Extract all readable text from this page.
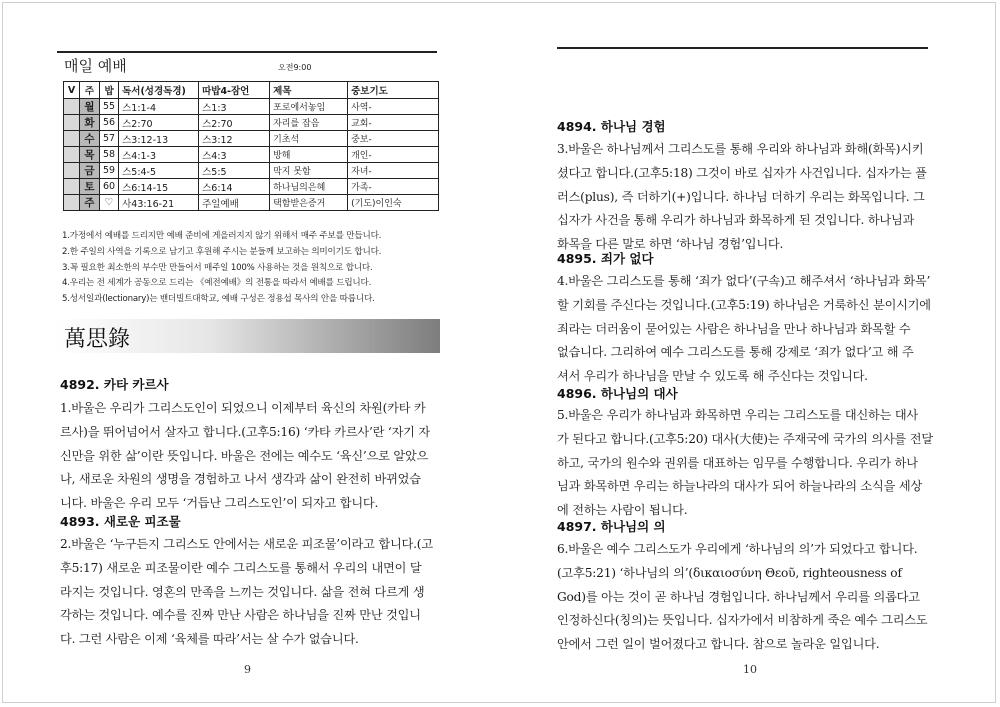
매일 예배	오전9:00
V	주	밥	독서(성경독경)	따밥4-잠언	제목	중보기도
	월	55	스1:1-4	스1:3	포로에서놓임	사역-
	화	56	스2:70	스2:70	자리를 잡음	교회-
	수	57	스3:12-13	스3:12	기초석	중보-
	목	58	스4:1-3	스4:3	방해	개인-
	금	59	스5:4-5	스5:5	막지 못함	자녀-
	토	60	스6:14-15	스6:14	하나님의은혜	가족-
	주	♡	사43:16-21	주일예배	택함받은증거	(기도)이인숙
1.가정에서 예배를 드리지만 예배 준비에 게을러지지 않기 위해서 매주 주보를 만듭니다.
2.한 주일의 사역을 기록으로 남기고 후원해 주시는 분들께 보고하는 의미이기도 합니다.
3.꼭 필요한 최소한의 부수만 만들어서 매주일 100% 사용하는 것을 원칙으로 합니다.
4.우리는 전 세계가 공동으로 드리는 《예전예배》의 전통을 따라서 예배를 드립니다.
5.성서일과(lectionary)는 밴더빌트대학교, 예배 구성은 정용섭 목사의 안을 따릅니다.
萬思錄
4892. 카타 카르사
1.바울은 우리가 그리스도인이 되었으니 이제부터 육신의 차원(카타 카
르사)을 뛰어넘어서 살자고 합니다.(고후5:16) ‘카타 카르사’란 ‘자기 자
신만을 위한 삶’이란 뜻입니다. 바울은 전에는 예수도 ‘육신’으로 알았으
나, 새로운 차원의 생명을 경험하고 나서 생각과 삶이 완전히 바뀌었습
니다. 바울은 우리 모두 ‘거듭난 그리스도인’이 되자고 합니다.
4893. 새로운 피조물
2.바울은 ‘누구든지 그리스도 안에서는 새로운 피조물’이라고 합니다.(고
후5:17) 새로운 피조물이란 예수 그리스도를 통해서 우리의 내면이 달
라지는 것입니다. 영혼의 만족을 느끼는 것입니다. 삶을 전혀 다르게 생
각하는 것입니다. 예수를 진짜 만난 사람은 하나님을 진짜 만난 것입니
다. 그런 사람은 이제 ‘육체를 따라’서는 살 수가 없습니다.
9
4894. 하나님 경험
3.바울은 하나님께서 그리스도를 통해 우리와 하나님과 화해(화목)시키
셨다고 합니다.(고후5:18) 그것이 바로 십자가 사건입니다. 십자가는 플
러스(plus), 즉 더하기(+)입니다. 하나님 더하기 우리는 화목입니다. 그
십자가 사건을 통해 우리가 하나님과 화목하게 된 것입니다. 하나님과
화목을 다른 말로 하면 ‘하나님 경험’입니다.
4895. 죄가 없다
4.바울은 그리스도를 통해 ‘죄가 없다’(구속)고 해주셔서 ‘하나님과 화목’
할 기회를 주신다는 것입니다.(고후5:19) 하나님은 거룩하신 분이시기에
죄라는 더러움이 묻어있는 사람은 하나님을 만나 하나님과 화목할 수
없습니다. 그리하여 예수 그리스도를 통해 강제로 ‘죄가 없다’고 해 주
셔서 우리가 하나님을 만날 수 있도록 해 주신다는 것입니다.
4896. 하나님의 대사
5.바울은 우리가 하나님과 화목하면 우리는 그리스도를 대신하는 대사
가 된다고 합니다.(고후5:20) 대사(大使)는 주재국에 국가의 의사를 전달
하고, 국가의 원수와 권위를 대표하는 임무를 수행합니다. 우리가 하나
님과 화목하면 우리는 하늘나라의 대사가 되어 하늘나라의 소식을 세상
에 전하는 사람이 됩니다.
4897. 하나님의 의
6.바울은 예수 그리스도가 우리에게 ‘하나님의 의’가 되었다고 합니다.
(고후5:21) ‘하나님의 의’(δικαιοσύνη Θεοῦ, righteousness of
God)를 아는 것이 곧 하나님 경험입니다. 하나님께서 우리를 의롭다고
인정하신다(칭의)는 뜻입니다. 십자가에서 비참하게 죽은 예수 그리스도
안에서 그런 일이 벌어졌다고 합니다. 참으로 놀라운 일입니다.
10
